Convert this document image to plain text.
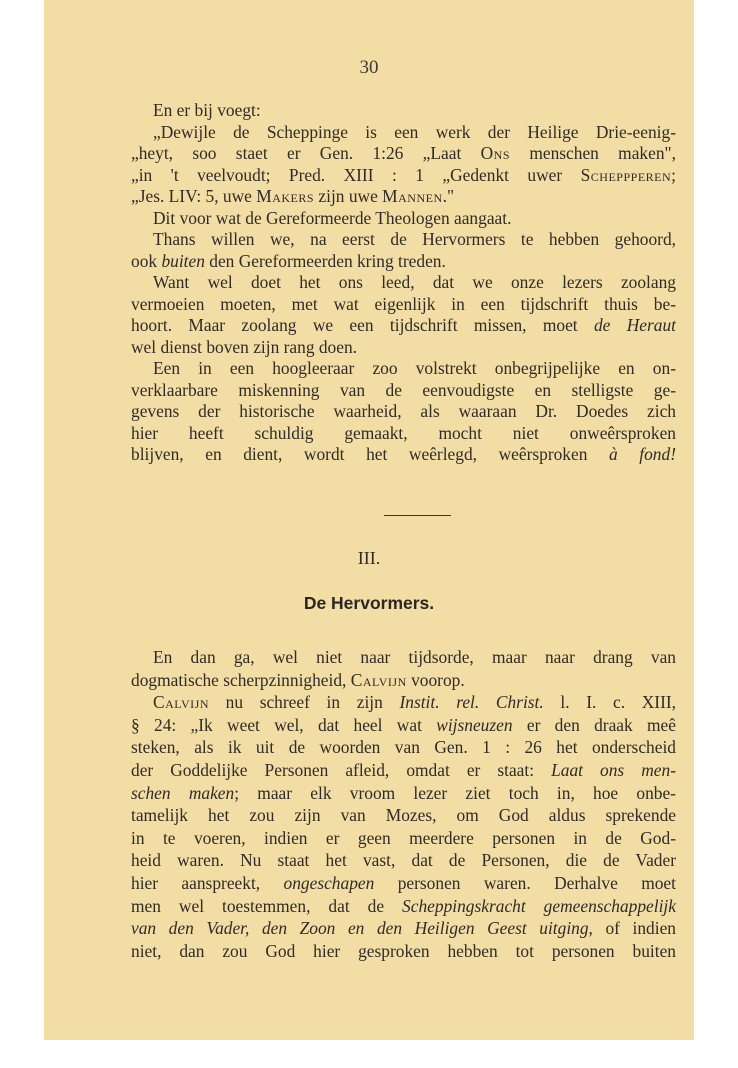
30
En er bij voegt:
„Dewijle de Scheppinge is een werk der Heilige Drie-eenig-
„heyt, soo staet er Gen. 1:26 „Laat Ons menschen maken",
„in 't veelvoudt; Pred. XIII : 1 „Gedenkt uwer Scheppperen;
„Jes. LIV: 5, uwe Makers zijn uwe Mannen."
Dit voor wat de Gereformeerde Theologen aangaat.
Thans willen we, na eerst de Hervormers te hebben gehoord,
ook buiten den Gereformeerden kring treden.
Want wel doet het ons leed, dat we onze lezers zoolang
vermoeien moeten, met wat eigenlijk in een tijdschrift thuis be-
hoort. Maar zoolang we een tijdschrift missen, moet de Heraut
wel dienst boven zijn rang doen.
Een in een hoogleeraar zoo volstrekt onbegrijpelijke en on-
verklaarbare miskenning van de eenvoudigste en stelligste ge-
gevens der historische waarheid, als waaraan Dr. Doedes zich
hier heeft schuldig gemaakt, mocht niet onweêrsproken
blijven, en dient, wordt het weêrlegd, weêrsproken à fond!
III.
De Hervormers.
En dan ga, wel niet naar tijdsorde, maar naar drang van
dogmatische scherpzinnigheid, Calvijn voorop.
Calvijn nu schreef in zijn Instit. rel. Christ. l. I. c. XIII,
§ 24: „Ik weet wel, dat heel wat wijsneuzen er den draak meê
steken, als ik uit de woorden van Gen. 1 : 26 het onderscheid
der Goddelijke Personen afleid, omdat er staat: Laat ons men-
schen maken; maar elk vroom lezer ziet toch in, hoe onbe-
tamelijk het zou zijn van Mozes, om God aldus sprekende
in te voeren, indien er geen meerdere personen in de God-
heid waren. Nu staat het vast, dat de Personen, die de Vader
hier aanspreekt, ongeschapen personen waren. Derhalve moet
men wel toestemmen, dat de Scheppingskracht gemeenschappelijk
van den Vader, den Zoon en den Heiligen Geest uitging, of indien
niet, dan zou God hier gesproken hebben tot personen buiten
